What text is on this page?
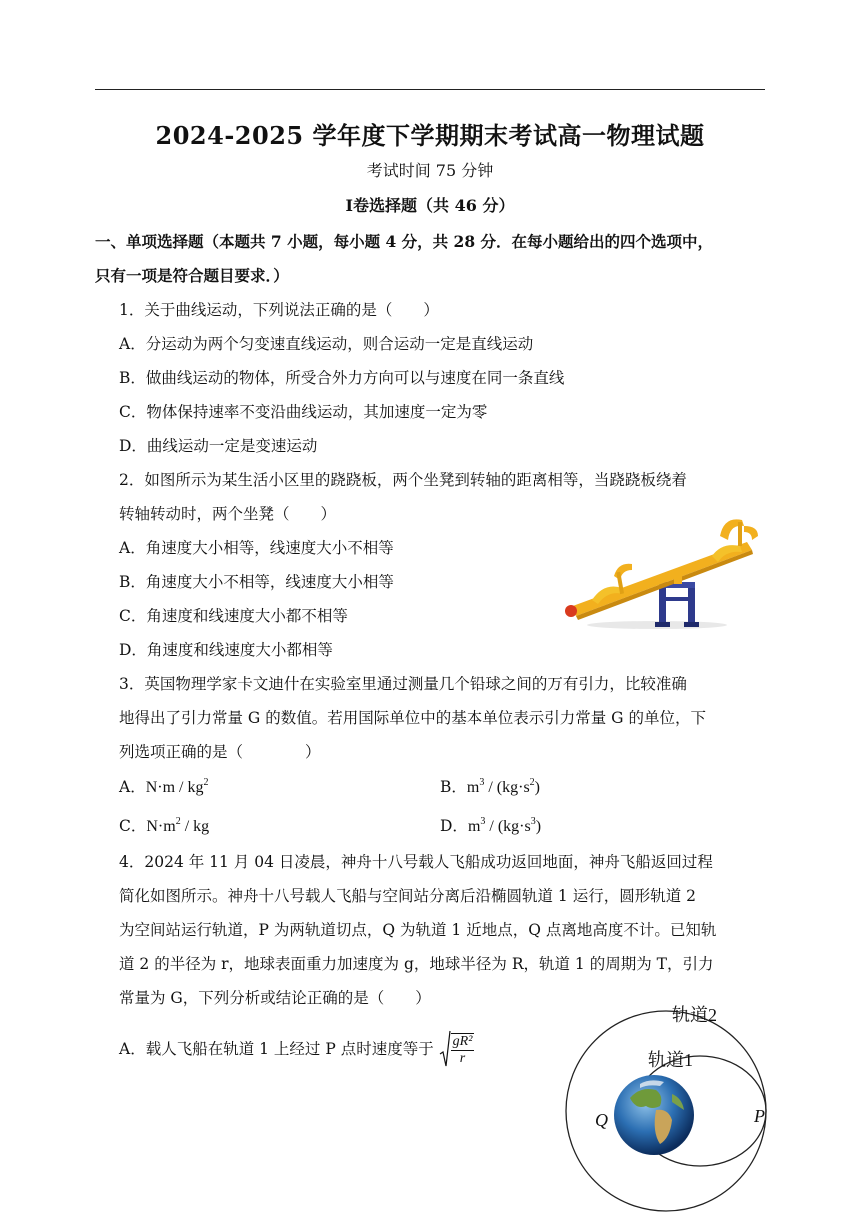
2024-2025 学年度下学期期末考试高一物理试题
考试时间 75 分钟
Ⅰ卷选择题（共 46 分）
一、单项选择题（本题共 7 小题，每小题 4 分，共 28 分．在每小题给出的四个选项中，
只有一项是符合题目要求．）
1．关于曲线运动，下列说法正确的是（　　）
A．分运动为两个匀变速直线运动，则合运动一定是直线运动
B．做曲线运动的物体，所受合外力方向可以与速度在同一条直线
C．物体保持速率不变沿曲线运动，其加速度一定为零
D．曲线运动一定是变速运动
2．如图所示为某生活小区里的跷跷板，两个坐凳到转轴的距离相等，当跷跷板绕着
转轴转动时，两个坐凳（　　）
A．角速度大小相等，线速度大小不相等
B．角速度大小不相等，线速度大小相等
C．角速度和线速度大小都不相等
D．角速度和线速度大小都相等
3．英国物理学家卡文迪什在实验室里通过测量几个铅球之间的万有引力，比较准确
地得出了引力常量 G 的数值。若用国际单位中的基本单位表示引力常量 G 的单位，下
列选项正确的是（　　　　）
A．$N\cdot m / kg^2$	B．$m^3 / (kg\cdot s^2)$
C．$N\cdot m^2$ / kg	D．$m^3 / (kg\cdot s^3)$
4．2024 年 11 月 04 日凌晨，神舟十八号载人飞船成功返回地面，神舟飞船返回过程
简化如图所示。神舟十八号载人飞船与空间站分离后沿椭圆轨道 1 运行，圆形轨道 2
为空间站运行轨道，P 为两轨道切点，Q 为轨道 1 近地点，Q 点离地高度不计。已知轨
道 2 的半径为 r，地球表面重力加速度为 g，地球半径为 R，轨道 1 的周期为 T，引力
常量为 G，下列分析或结论正确的是（　　）
A．载人飞船在轨道 1 上经过 P 点时速度等于 $\frac{\text{gR²}}{r}$
轨道2
轨道1
Q	P
